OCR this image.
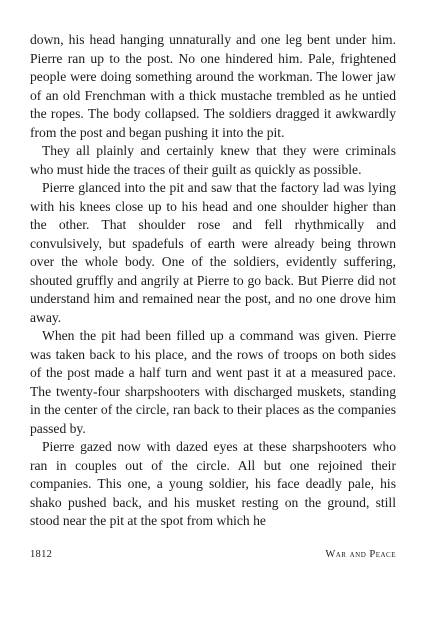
down, his head hanging unnaturally and one leg bent under him. Pierre ran up to the post. No one hindered him. Pale, frightened people were doing something around the workman. The lower jaw of an old Frenchman with a thick mustache trembled as he untied the ropes. The body collapsed. The soldiers dragged it awkwardly from the post and began pushing it into the pit.

They all plainly and certainly knew that they were criminals who must hide the traces of their guilt as quickly as possible.

Pierre glanced into the pit and saw that the factory lad was lying with his knees close up to his head and one shoulder higher than the other. That shoulder rose and fell rhythmically and convulsively, but spadefuls of earth were already being thrown over the whole body. One of the soldiers, evidently suffering, shouted gruffly and angrily at Pierre to go back. But Pierre did not understand him and remained near the post, and no one drove him away.

When the pit had been filled up a command was given. Pierre was taken back to his place, and the rows of troops on both sides of the post made a half turn and went past it at a measured pace. The twenty-four sharpshooters with discharged muskets, standing in the center of the circle, ran back to their places as the companies passed by.

Pierre gazed now with dazed eyes at these sharpshooters who ran in couples out of the circle. All but one rejoined their companies. This one, a young soldier, his face deadly pale, his shako pushed back, and his musket resting on the ground, still stood near the pit at the spot from which he

1812	War and Peace
